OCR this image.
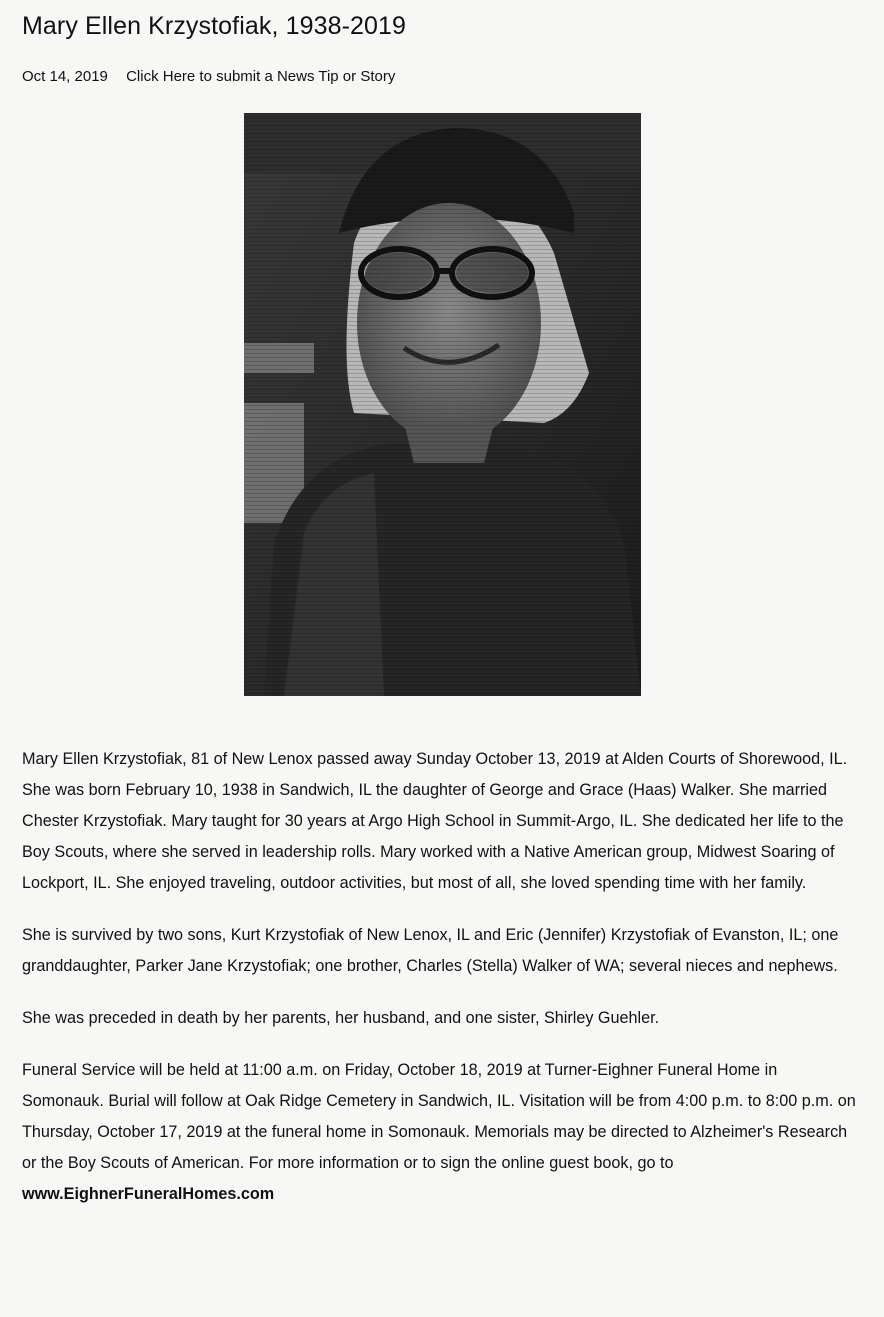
Mary Ellen Krzystofiak, 1938-2019
Oct 14, 2019 Click Here to submit a News Tip or Story

Mary Ellen Krzystofiak, 81 of New Lenox passed away Sunday October 13, 2019 at Alden Courts of Shorewood, IL. She was born February 10, 1938 in Sandwich, IL the daughter of George and Grace (Haas) Walker. She married Chester Krzystofiak. Mary taught for 30 years at Argo High School in Summit-Argo, IL. She dedicated her life to the Boy Scouts, where she served in leadership rolls. Mary worked with a Native American group, Midwest Soaring of Lockport, IL. She enjoyed traveling, outdoor activities, but most of all, she loved spending time with her family.

She is survived by two sons, Kurt Krzystofiak of New Lenox, IL and Eric (Jennifer) Krzystofiak of Evanston, IL; one granddaughter, Parker Jane Krzystofiak; one brother, Charles (Stella) Walker of WA; several nieces and nephews.

She was preceded in death by her parents, her husband, and one sister, Shirley Guehler.

Funeral Service will be held at 11:00 a.m. on Friday, October 18, 2019 at Turner-Eighner Funeral Home in Somonauk. Burial will follow at Oak Ridge Cemetery in Sandwich, IL. Visitation will be from 4:00 p.m. to 8:00 p.m. on Thursday, October 17, 2019 at the funeral home in Somonauk. Memorials may be directed to Alzheimer's Research or the Boy Scouts of American. For more information or to sign the online guest book, go to www.EighnerFuneralHomes.com
